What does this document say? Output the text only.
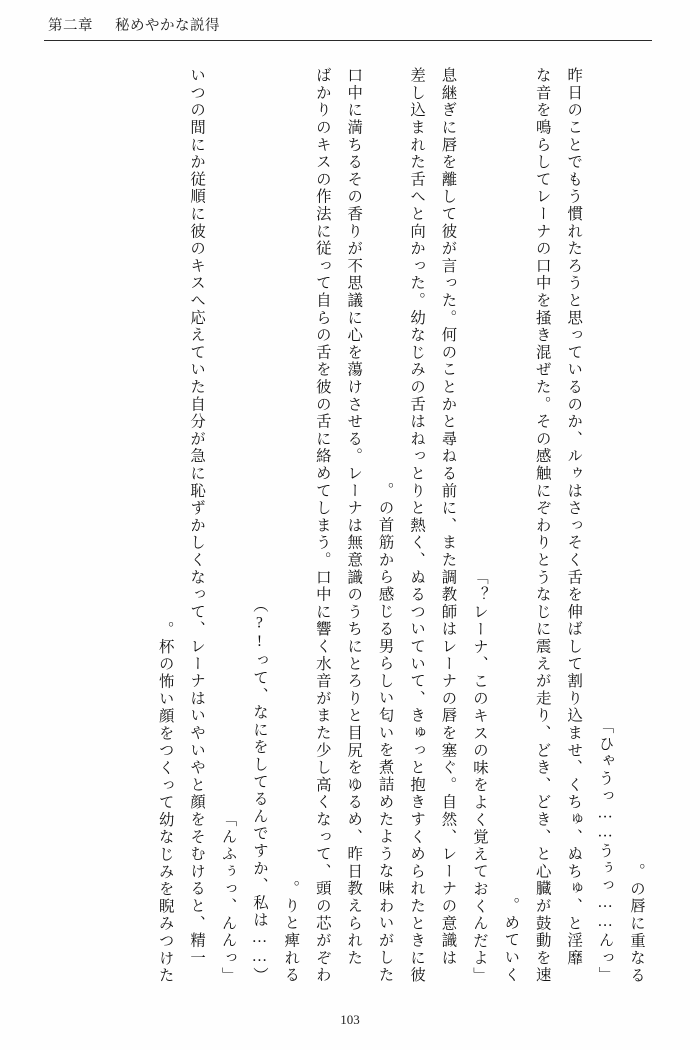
第二章 秘めやかな説得

の唇に重なる。

「ひゃうっ……うぅっ……んっ」

　昨日のことでもう慣れたろうと思っているのか、ルゥはさっそく舌を伸ばして割り込ませ、くちゅ、ぬちゅ、と淫靡な音を鳴らしてレーナの口中を掻き混ぜた。その感触にぞわりとうなじに震えが走り、どき、どき、と心臓が鼓動を速めていく。

「レーナ、このキスの味をよく覚えておくんだよ？」

　息継ぎに唇を離して彼が言った。何のことかと尋ねる前に、また調教師はレーナの唇を塞ぐ。自然、レーナの意識は差し込まれた舌へと向かった。幼なじみの舌はねっとりと熱く、ぬるついていて、きゅっと抱きすくめられたときに彼の首筋から感じる男らしい匂いを煮詰めたような味わいがした。

　口中に満ちるその香りが不思議に心を蕩けさせる。レーナは無意識のうちにとろりと目尻をゆるめ、昨日教えられたばかりのキスの作法に従って自らの舌を彼の舌に絡めてしまう。口中に響く水音がまた少し高くなって、頭の芯がぞわりと痺れる。

（……って、なにをしてるんですか、私は!?）

「んふぅっ、んんっ」

　いつの間にか従順に彼のキスへ応えていた自分が急に恥ずかしくなって、レーナはいやいやと顔をそむけると、精一杯の怖い顔をつくって幼なじみを睨みつけた。

103
